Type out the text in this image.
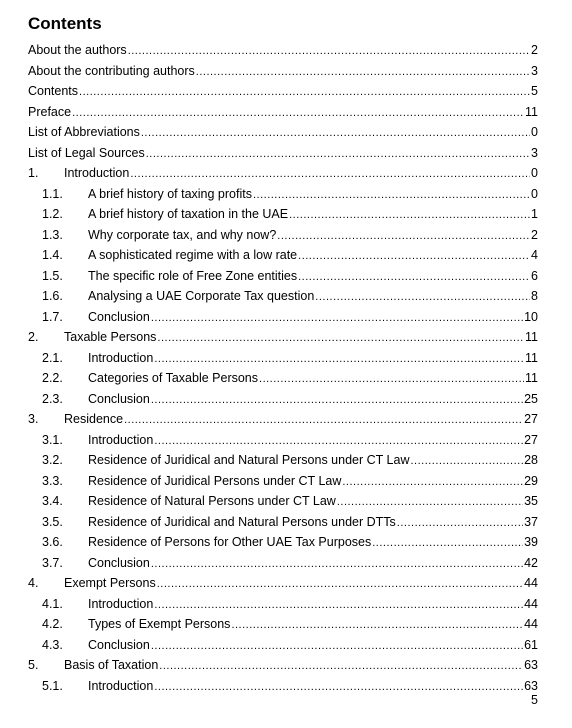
Contents
About the authors .....	2
About the contributing authors .....	3
Contents .....	5
Preface .....	11
List of Abbreviations .....	0
List of Legal Sources .....	3
1. Introduction .....	0
1.1. A brief history of taxing profits .....	0
1.2. A brief history of taxation in the UAE .....	1
1.3. Why corporate tax, and why now? .....	2
1.4. A sophisticated regime with a low rate .....	4
1.5. The specific role of Free Zone entities .....	6
1.6. Analysing a UAE Corporate Tax question .....	8
1.7. Conclusion .....	10
2. Taxable Persons .....	11
2.1. Introduction .....	11
2.2. Categories of Taxable Persons .....	11
2.3. Conclusion .....	25
3. Residence .....	27
3.1. Introduction .....	27
3.2. Residence of Juridical and Natural Persons under CT Law .....	28
3.3. Residence of Juridical Persons under CT Law .....	29
3.4. Residence of Natural Persons under CT Law .....	35
3.5. Residence of Juridical and Natural Persons under DTTs .....	37
3.6. Residence of Persons for Other UAE Tax Purposes .....	39
3.7. Conclusion .....	42
4. Exempt Persons .....	44
4.1. Introduction .....	44
4.2. Types of Exempt Persons .....	44
4.3. Conclusion .....	61
5. Basis of Taxation .....	63
5.1. Introduction .....	63
5
